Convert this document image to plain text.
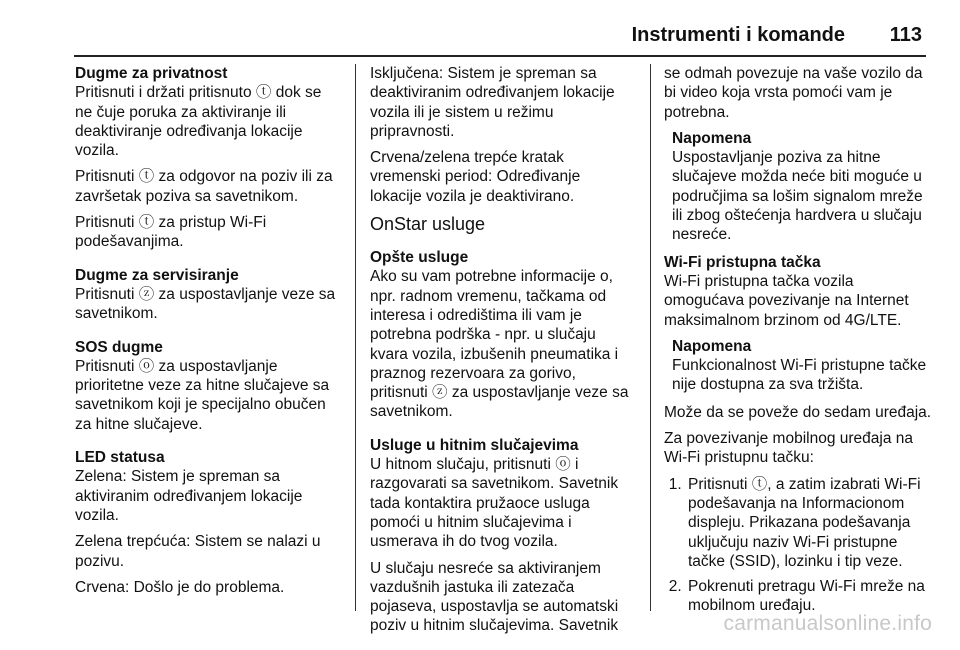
Instrumenti i komande 113
Dugme za privatnost

Pritisnuti i držati pritisnuto ⓣ dok se ne čuje poruka za aktiviranje ili deaktiviranje određivanja lokacije vozila.

Pritisnuti ⓣ za odgovor na poziv ili za završetak poziva sa savetnikom.

Pritisnuti ⓣ za pristup Wi-Fi podešavanjima.

Dugme za servisiranje

Pritisnuti ⓩ za uspostavljanje veze sa savetnikom.

SOS dugme

Pritisnuti ⓞ za uspostavljanje prioritetne veze za hitne slučajeve sa savetnikom koji je specijalno obučen za hitne slučajeve.

LED statusa

Zelena: Sistem je spreman sa aktiviranim određivanjem lokacije vozila.

Zelena trepćuća: Sistem se nalazi u pozivu.

Crvena: Došlo je do problema.

Isključena: Sistem je spreman sa deaktiviranim određivanjem lokacije vozila ili je sistem u režimu pripravnosti.

Crvena/zelena trepće kratak vremenski period: Određivanje lokacije vozila je deaktivirano.

OnStar usluge
Opšte usluge

Ako su vam potrebne informacije o, npr. radnom vremenu, tačkama od interesa i odredištima ili vam je potrebna podrška - npr. u slučaju kvara vozila, izbušenih pneumatika i praznog rezervoara za gorivo, pritisnuti ⓩ za uspostavljanje veze sa savetnikom.

Usluge u hitnim slučajevima

U hitnom slučaju, pritisnuti ⓞ i razgovarati sa savetnikom. Savetnik tada kontaktira pružaoce usluga pomoći u hitnim slučajevima i usmerava ih do tvog vozila.

U slučaju nesreće sa aktiviranjem vazdušnih jastuka ili zatezača pojaseva, uspostavlja se automatski poziv u hitnim slučajevima. Savetnik

se odmah povezuje na vaše vozilo da bi video koja vrsta pomoći vam je potrebna.

Napomena
Uspostavljanje poziva za hitne slučajeve možda neće biti moguće u područjima sa lošim signalom mreže ili zbog oštećenja hardvera u slučaju nesreće.
Wi-Fi pristupna tačka

Wi-Fi pristupna tačka vozila omogućava povezivanje na Internet maksimalnom brzinom od 4G/LTE.

Napomena
Funkcionalnost Wi-Fi pristupne tačke nije dostupna za sva tržišta.

Može da se poveže do sedam uređaja.

Za povezivanje mobilnog uređaja na Wi-Fi pristupnu tačku:

1. Pritisnuti ⓣ, a zatim izabrati Wi-Fi podešavanja na Informacionom displeju. Prikazana podešavanja uključuju naziv Wi-Fi pristupne tačke (SSID), lozinku i tip veze.
2. Pokrenuti pretragu Wi-Fi mreže na mobilnom uređaju.
carmanualsonline.info
